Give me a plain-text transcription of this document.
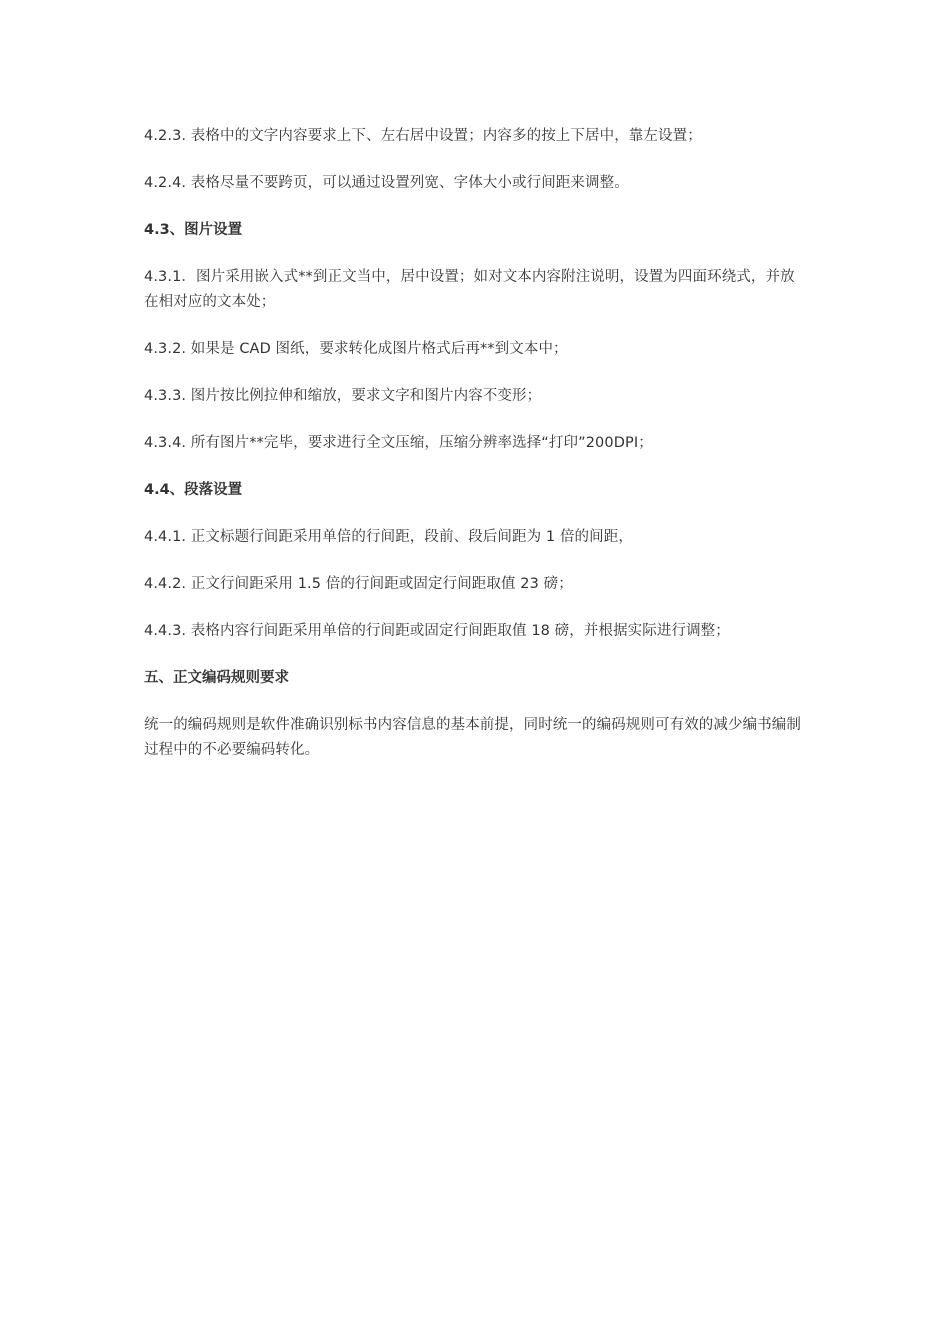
4.2.3. 表格中的文字内容要求上下、左右居中设置；内容多的按上下居中，靠左设置；

4.2.4. 表格尽量不要跨页，可以通过设置列宽、字体大小或行间距来调整。

4.3、图片设置

4.3.1．图片采用嵌入式**到正文当中，居中设置；如对文本内容附注说明，设置为四面环绕式，并放在相对应的文本处；

4.3.2. 如果是 CAD 图纸，要求转化成图片格式后再**到文本中；

4.3.3. 图片按比例拉伸和缩放，要求文字和图片内容不变形；

4.3.4. 所有图片**完毕，要求进行全文压缩，压缩分辨率选择“打印”200DPI；

4.4、段落设置

4.4.1. 正文标题行间距采用单倍的行间距，段前、段后间距为 1 倍的间距，

4.4.2. 正文行间距采用 1.5 倍的行间距或固定行间距取值 23 磅；

4.4.3. 表格内容行间距采用单倍的行间距或固定行间距取值 18 磅，并根据实际进行调整；

五、正文编码规则要求

统一的编码规则是软件准确识别标书内容信息的基本前提，同时统一的编码规则可有效的减少编书编制过程中的不必要编码转化。
